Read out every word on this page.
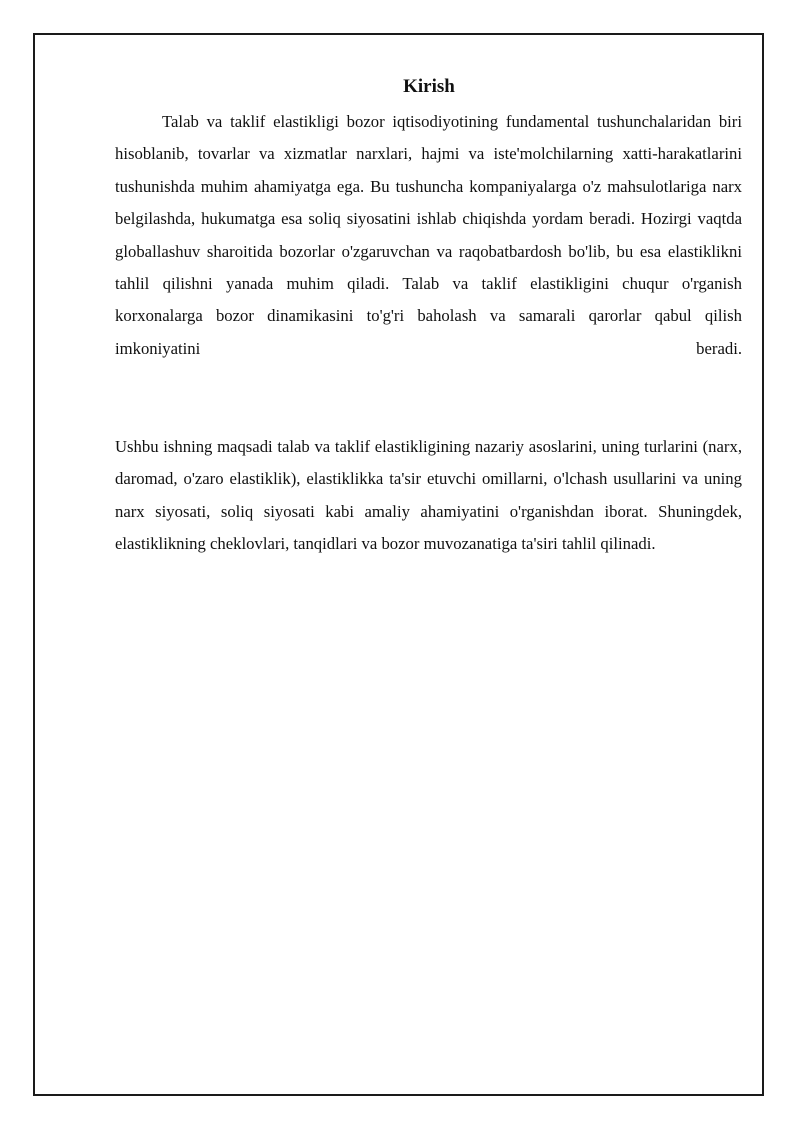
Kirish

Talab va taklif elastikligi bozor iqtisodiyotining fundamental tushunchalaridan biri hisoblanib, tovarlar va xizmatlar narxlari, hajmi va iste'molchilarning xatti-harakatlarini tushunishda muhim ahamiyatga ega. Bu tushuncha kompaniyalarga o'z mahsulotlariga narx belgilashda, hukumatga esa soliq siyosatini ishlab chiqishda yordam beradi. Hozirgi vaqtda globallashuv sharoitida bozorlar o'zgaruvchan va raqobatbardosh bo'lib, bu esa elastiklikni tahlil qilishni yanada muhim qiladi. Talab va taklif elastikligini chuqur o'rganish korxonalarga bozor dinamikasini to'g'ri baholash va samarali qarorlar qabul qilish imkoniyatini beradi.

Ushbu ishning maqsadi talab va taklif elastikligining nazariy asoslarini, uning turlarini (narx, daromad, o'zaro elastiklik), elastiklikka ta'sir etuvchi omillarni, o'lchash usullarini va uning narx siyosati, soliq siyosati kabi amaliy ahamiyatini o'rganishdan iborat. Shuningdek, elastiklikning cheklovlari, tanqidlari va bozor muvozanatiga ta'siri tahlil qilinadi.
